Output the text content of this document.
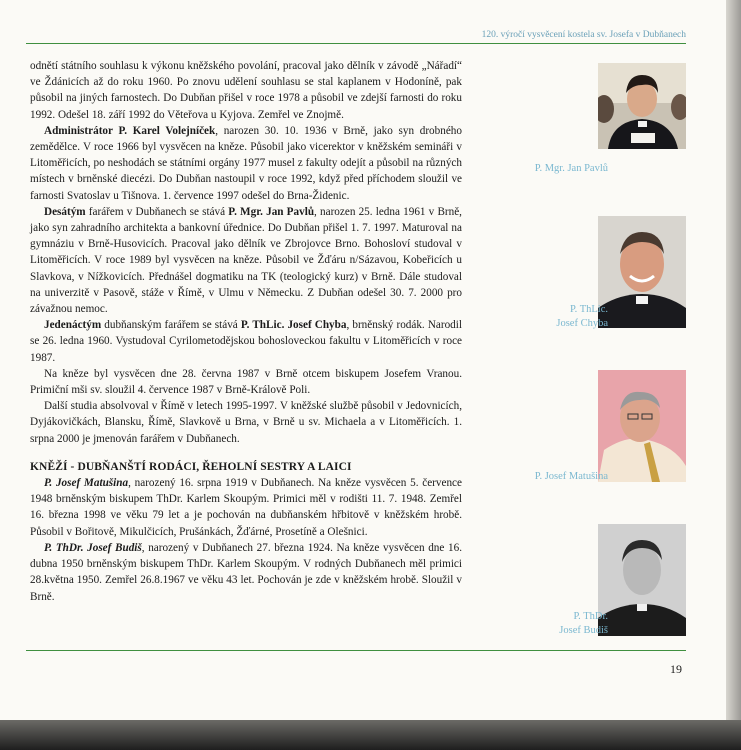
120. výročí vysvěcení kostela sv. Josefa v Dubňanech

odnětí státního souhlasu k výkonu kněžského povolání, pracoval jako dělník v závodě „Nářadí“ ve Ždánicích až do roku 1960. Po znovu udělení souhlasu se stal kaplanem v Hodoníně, pak působil na jiných farnostech. Do Dubňan přišel v roce 1978 a působil ve zdejší farnosti do roku 1992. Odešel 18. září 1992 do Věteřova u Kyjova. Zemřel ve Znojmě.

Administrátor P. Karel Volejníček, narozen 30. 10. 1936 v Brně, jako syn drobného zemědělce. V roce 1966 byl vysvěcen na kněze. Působil jako vicerektor v kněžském semináři v Litoměřicích, po neshodách se státními orgány 1977 musel z fakulty odejít a působil na různých místech v brněnské diecézi. Do Dubňan nastoupil v roce 1992, když před příchodem sloužil ve farnosti Svatoslav u Tišnova. 1. července 1997 odešel do Brna-Židenic.

Desátým farářem v Dubňanech se stává P. Mgr. Jan Pavlů, narozen 25. ledna 1961 v Brně, jako syn zahradního architekta a bankovní úřednice. Do Dubňan přišel 1. 7. 1997. Maturoval na gymnáziu v Brně-Husovicích. Pracoval jako dělník ve Zbrojovce Brno. Bohosloví studoval v Litoměřicích. V roce 1989 byl vysvěcen na kněze. Působil ve Žďáru n/Sázavou, Kobeřicích u Slavkova, v Nížkovicích. Přednášel dogmatiku na TK (teologický kurz) v Brně. Dále studoval na univerzitě v Pasově, stáže v Římě, v Ulmu v Německu. Z Dubňan odešel 30. 7. 2000 pro závažnou nemoc.

Jedenáctým dubňanským farářem se stává P. ThLic. Josef Chyba, brněnský rodák. Narodil se 26. ledna 1960. Vystudoval Cyrilometodějskou bohosloveckou fakultu v Litoměřicích v roce 1987.

Na kněze byl vysvěcen dne 28. června 1987 v Brně otcem biskupem Josefem Vranou. Primiční mši sv. sloužil 4. července 1987 v Brně-Králově Poli.

Další studia absolvoval v Římě v letech 1995-1997. V kněžské službě působil v Jedovnicích, Dyjákovičkách, Blansku, Římě, Slavkově u Brna, v Brně u sv. Michaela a v Litoměřicích. 1. srpna 2000 je jmenován farářem v Dubňanech.

KNĚŽÍ - DUBŇANŠTÍ RODÁCI, ŘEHOLNÍ SESTRY A LAICI

P. Josef Matušina, narozený 16. srpna 1919 v Dubňanech. Na kněze vysvěcen 5. července 1948 brněnským biskupem ThDr. Karlem Skoupým. Primici měl v rodišti 11. 7. 1948. Zemřel 16. března 1998 ve věku 79 let a je pochován na dubňanském hřbitově v kněžském hrobě. Působil v Bořitově, Mikulčicích, Prušánkách, Žďárné, Prosetíně a Olešnici.

P. ThDr. Josef Budiš, narozený v Dubňanech 27. března 1924. Na kněze vysvěcen dne 16. dubna 1950 brněnským biskupem ThDr. Karlem Skoupým. V rodných Dubňanech měl primici 28.května 1950. Zemřel 26.8.1967 ve věku 43 let. Pochován je zde v kněžském hrobě. Sloužil v Brně.

P. Mgr. Jan Pavlů
P. ThLic.
Josef Chyba
P. Josef Matušina
P. ThDr.
Josef Budiš
19
